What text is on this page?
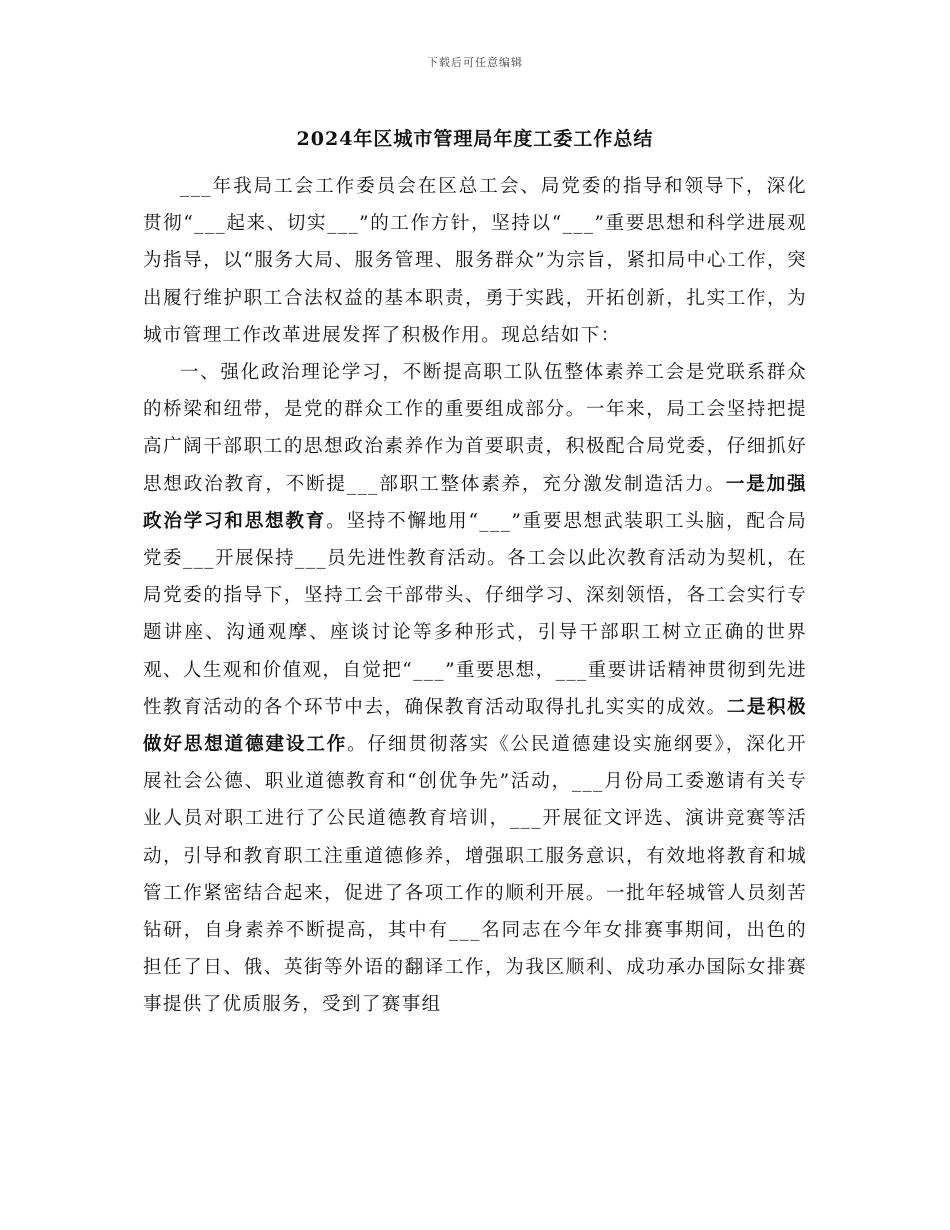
下载后可任意编辑
2024年区城市管理局年度工委工作总结

___年我局工会工作委员会在区总工会、局党委的指导和领导下，深化贯彻“___起来、切实___”的工作方针，坚持以“___”重要思想和科学进展观为指导，以“服务大局、服务管理、服务群众”为宗旨，紧扣局中心工作，突出履行维护职工合法权益的基本职责，勇于实践，开拓创新，扎实工作，为城市管理工作改革进展发挥了积极作用。现总结如下：

一、强化政治理论学习，不断提高职工队伍整体素养工会是党联系群众的桥梁和纽带，是党的群众工作的重要组成部分。一年来，局工会坚持把提高广阔干部职工的思想政治素养作为首要职责，积极配合局党委，仔细抓好思想政治教育，不断提___部职工整体素养，充分激发制造活力。一是加强政治学习和思想教育。坚持不懈地用“___”重要思想武装职工头脑，配合局党委___开展保持___员先进性教育活动。各工会以此次教育活动为契机，在局党委的指导下，坚持工会干部带头、仔细学习、深刻领悟，各工会实行专题讲座、沟通观摩、座谈讨论等多种形式，引导干部职工树立正确的世界观、人生观和价值观，自觉把“___”重要思想，___重要讲话精神贯彻到先进性教育活动的各个环节中去，确保教育活动取得扎扎实实的成效。二是积极做好思想道德建设工作。仔细贯彻落实《公民道德建设实施纲要》，深化开展社会公德、职业道德教育和“创优争先”活动，___月份局工委邀请有关专业人员对职工进行了公民道德教育培训，___开展征文评选、演讲竞赛等活动，引导和教育职工注重道德修养，增强职工服务意识，有效地将教育和城管工作紧密结合起来，促进了各项工作的顺利开展。一批年轻城管人员刻苦钻研，自身素养不断提高，其中有___名同志在今年女排赛事期间，出色的担任了日、俄、英街等外语的翻译工作，为我区顺利、成功承办国际女排赛事提供了优质服务，受到了赛事组
